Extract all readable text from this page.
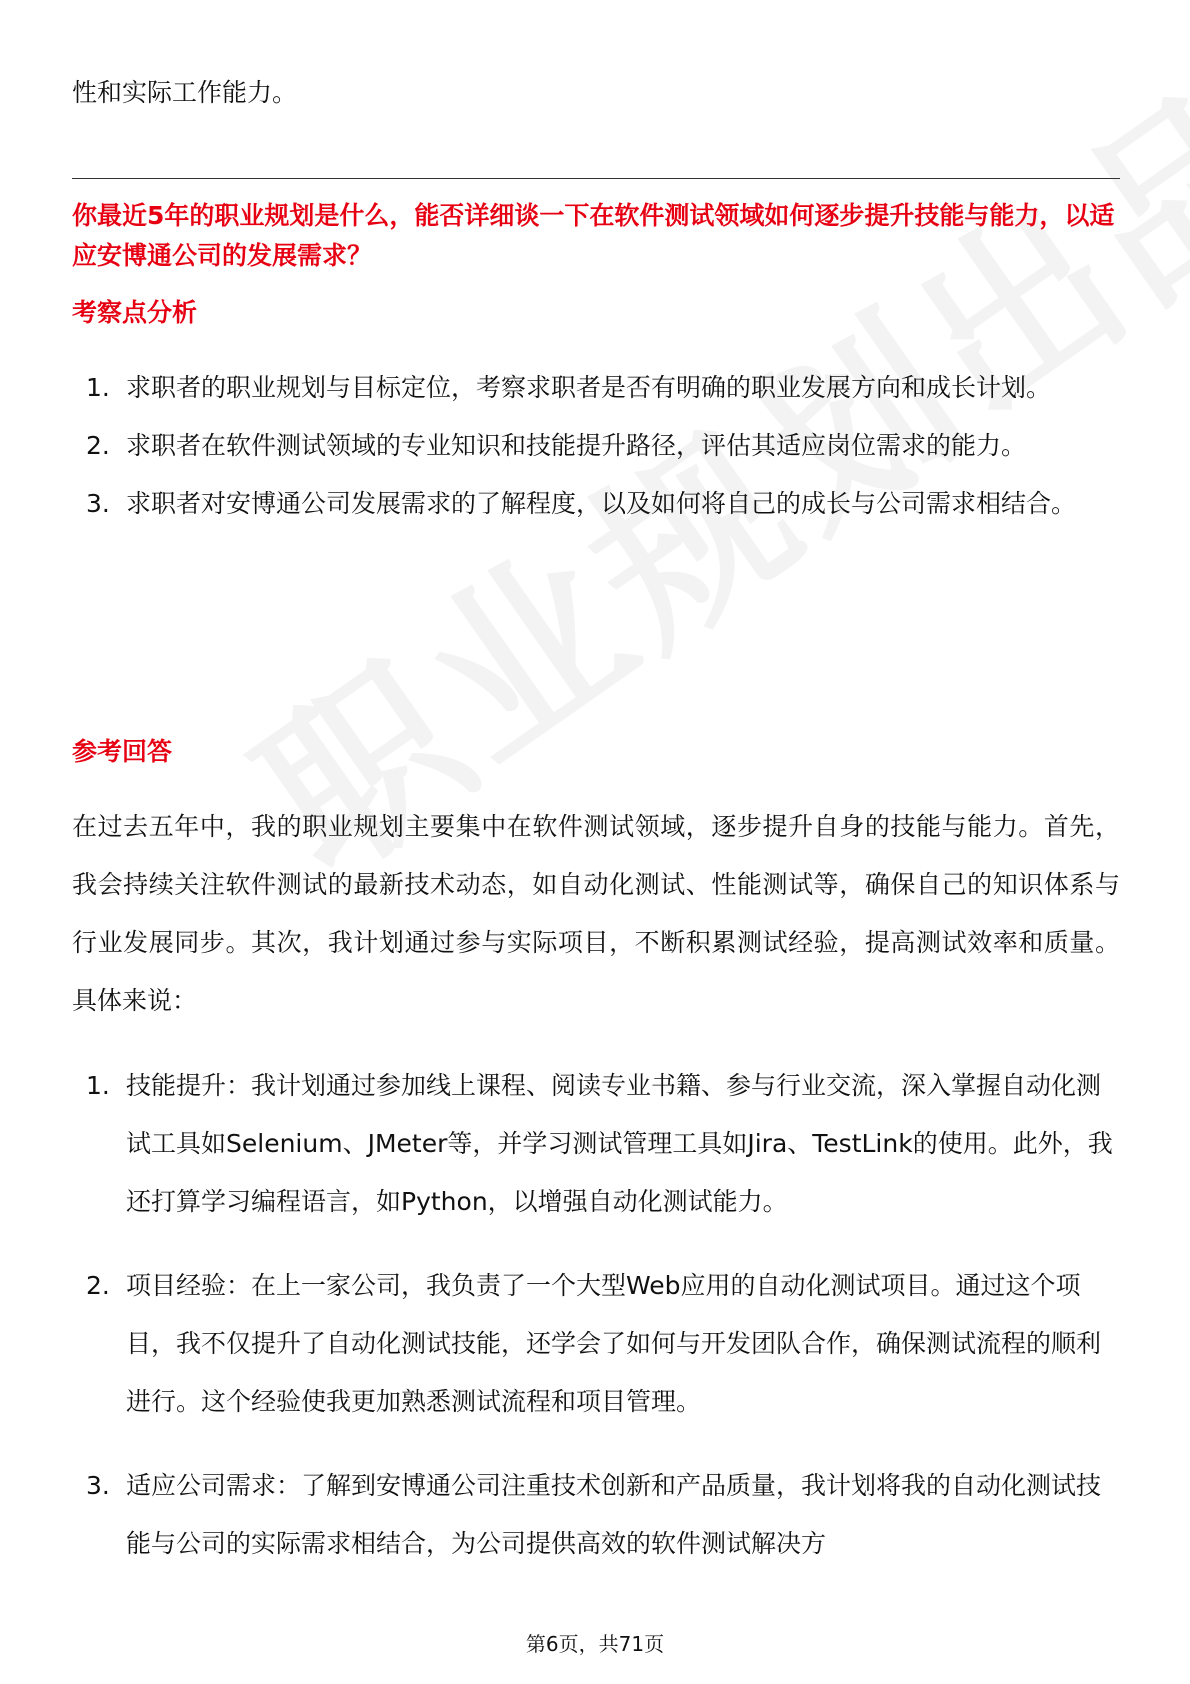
性和实际工作能力。

你最近5年的职业规划是什么，能否详细谈一下在软件测试领域如何逐步提升技能与能力，以适应安博通公司的发展需求？
考察点分析
1. 求职者的职业规划与目标定位，考察求职者是否有明确的职业发展方向和成长计划。
2. 求职者在软件测试领域的专业知识和技能提升路径，评估其适应岗位需求的能力。
3. 求职者对安博通公司发展需求的了解程度，以及如何将自己的成长与公司需求相结合。
参考回答

在过去五年中，我的职业规划主要集中在软件测试领域，逐步提升自身的技能与能力。首先，我会持续关注软件测试的最新技术动态，如自动化测试、性能测试等，确保自己的知识体系与行业发展同步。其次，我计划通过参与实际项目，不断积累测试经验，提高测试效率和质量。具体来说：

1. 技能提升：我计划通过参加线上课程、阅读专业书籍、参与行业交流，深入掌握自动化测试工具如Selenium、JMeter等，并学习测试管理工具如Jira、TestLink的使用。此外，我还打算学习编程语言，如Python，以增强自动化测试能力。
2. 项目经验：在上一家公司，我负责了一个大型Web应用的自动化测试项目。通过这个项目，我不仅提升了自动化测试技能，还学会了如何与开发团队合作，确保测试流程的顺利进行。这个经验使我更加熟悉测试流程和项目管理。
3. 适应公司需求：了解到安博通公司注重技术创新和产品质量，我计划将我的自动化测试技能与公司的实际需求相结合，为公司提供高效的软件测试解决方
第6页，共71页
